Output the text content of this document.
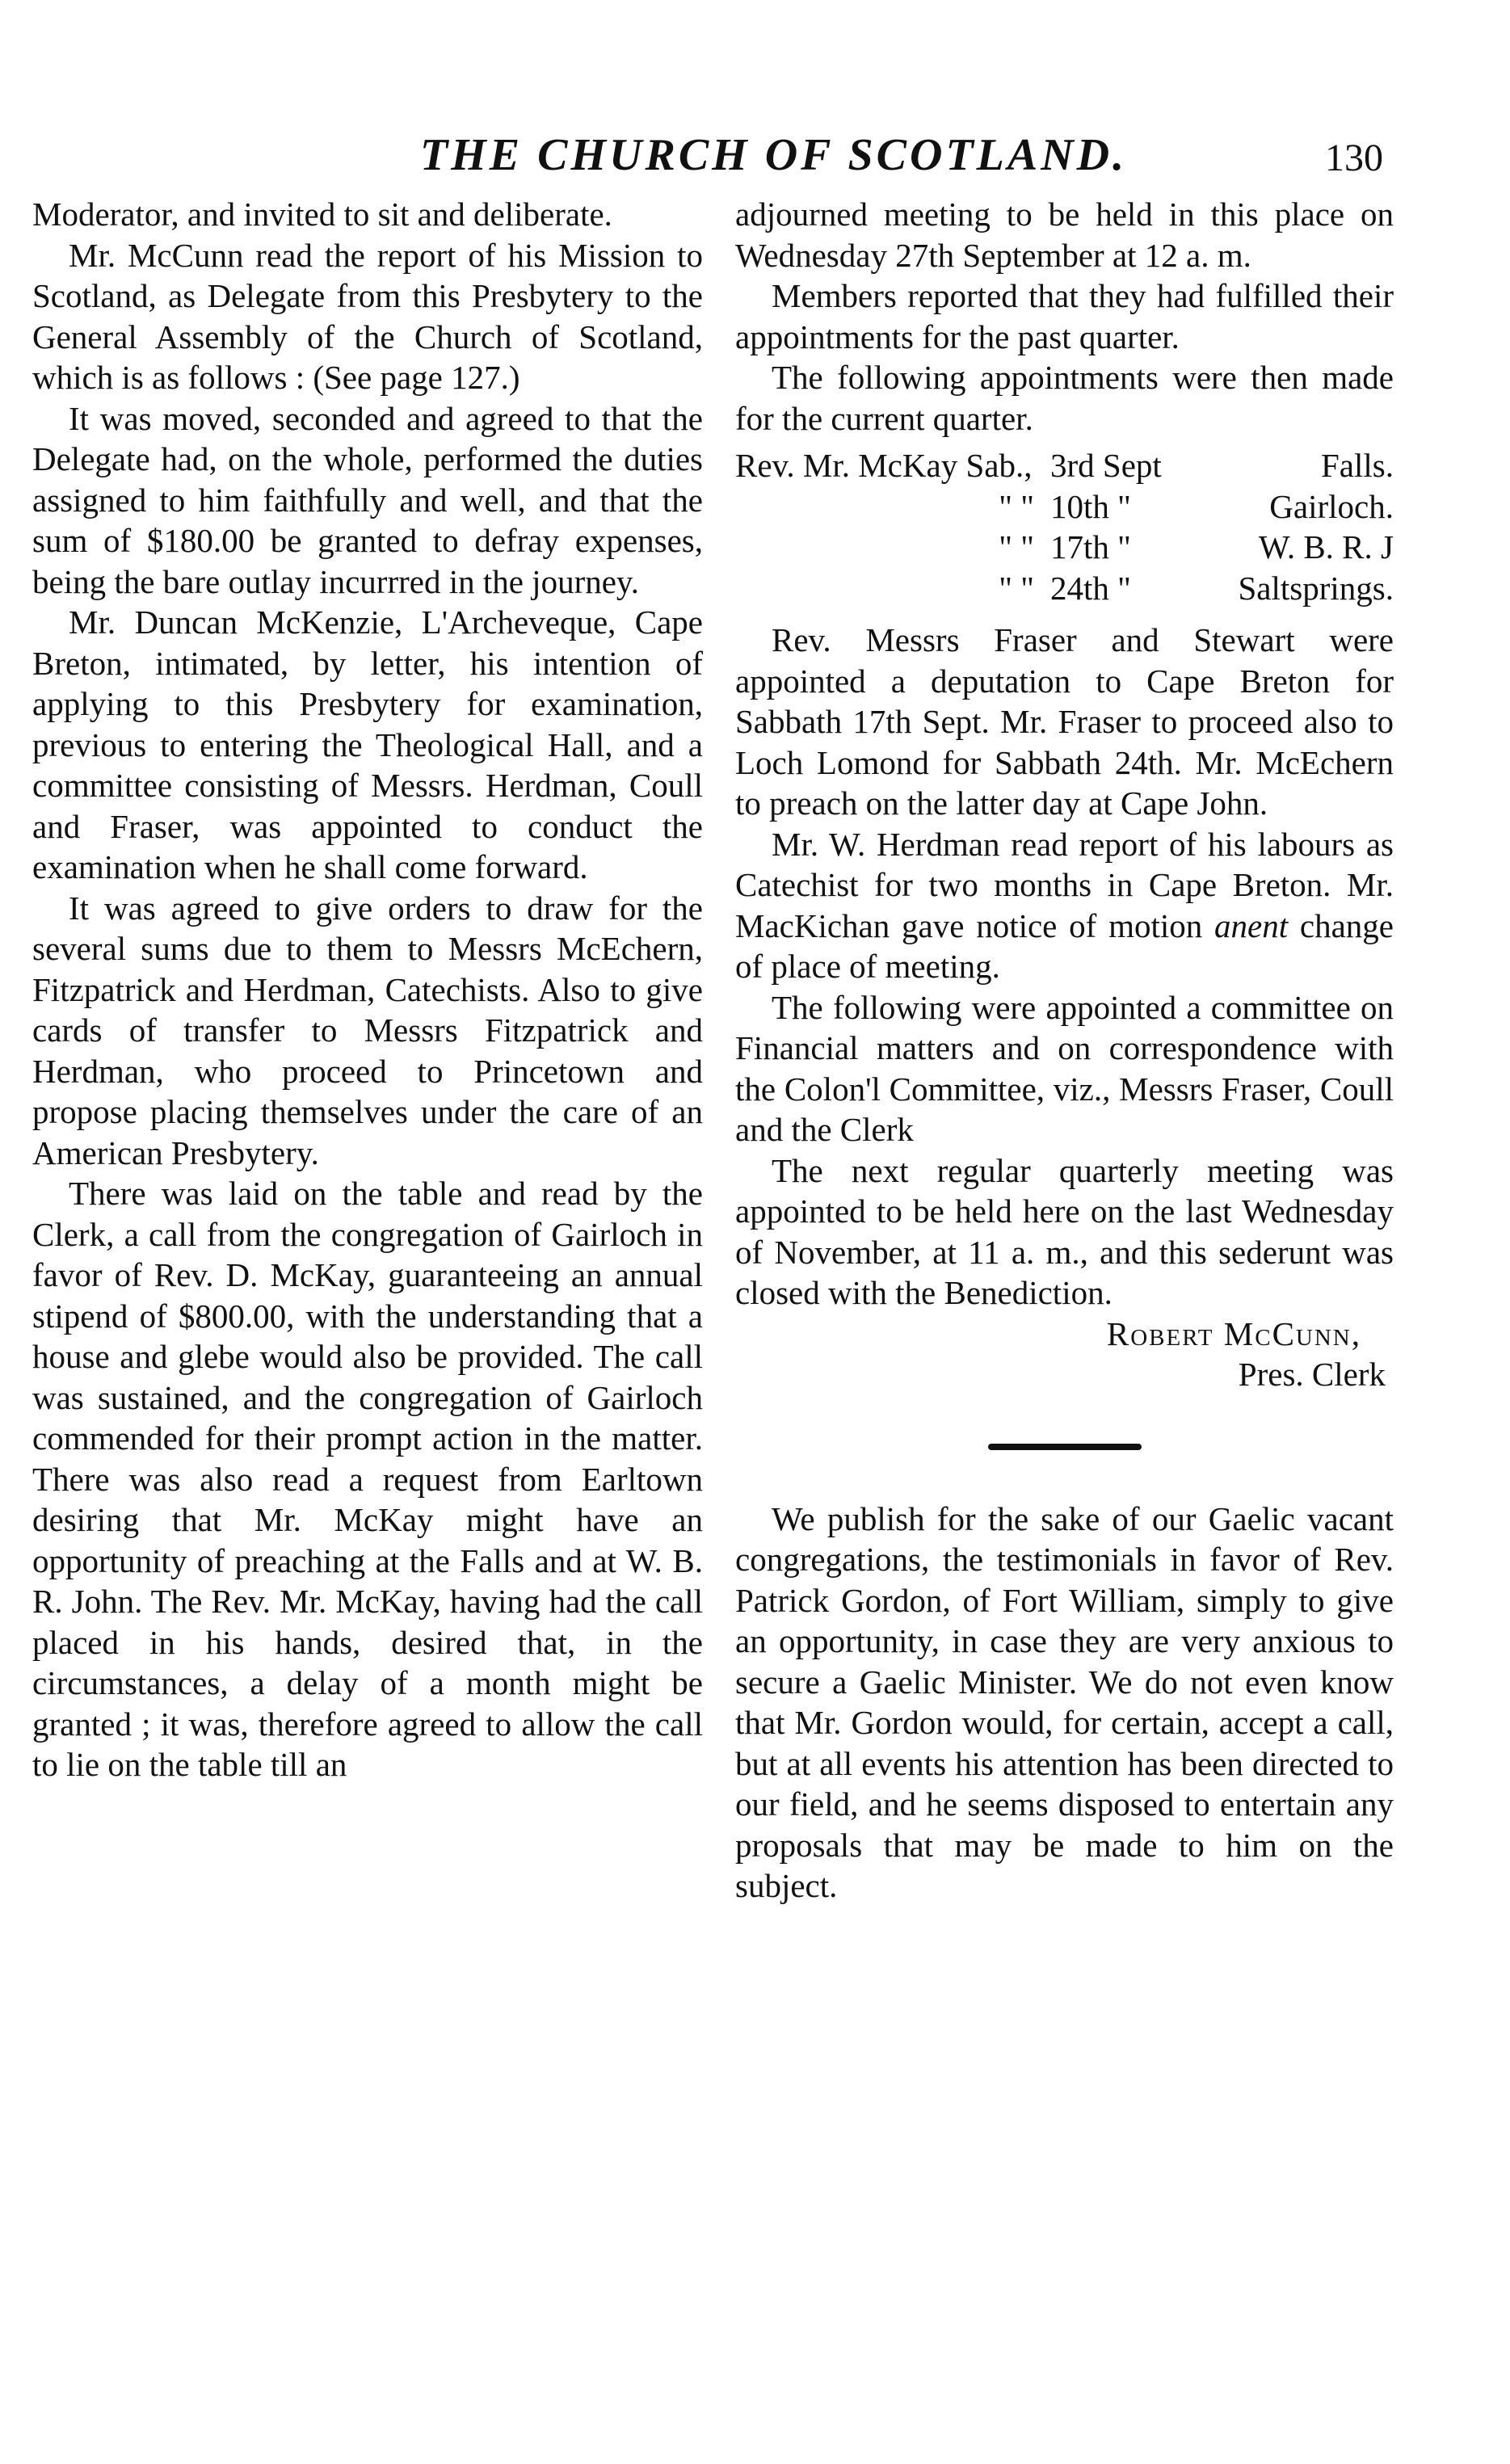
THE CHURCH OF SCOTLAND.	130

Moderator, and invited to sit and deliberate.

Mr. McCunn read the report of his Mission to Scotland, as Delegate from this Presbytery to the General Assembly of the Church of Scotland, which is as follows : (See page 127.)

It was moved, seconded and agreed to that the Delegate had, on the whole, performed the duties assigned to him faithfully and well, and that the sum of $180.00 be granted to defray expenses, being the bare outlay incurrred in the journey.

Mr. Duncan McKenzie, L'Archeveque, Cape Breton, intimated, by letter, his intention of applying to this Presbytery for examination, previous to entering the Theological Hall, and a committee consisting of Messrs. Herdman, Coull and Fraser, was appointed to conduct the examination when he shall come forward.

It was agreed to give orders to draw for the several sums due to them to Messrs McEchern, Fitzpatrick and Herdman, Catechists. Also to give cards of transfer to Messrs Fitzpatrick and Herdman, who proceed to Princetown and propose placing themselves under the care of an American Presbytery.

There was laid on the table and read by the Clerk, a call from the congregation of Gairloch in favor of Rev. D. McKay, guaranteeing an annual stipend of $800.00, with the understanding that a house and glebe would also be provided. The call was sustained, and the congregation of Gairloch commended for their prompt action in the matter. There was also read a request from Earltown desiring that Mr. McKay might have an opportunity of preaching at the Falls and at W. B. R. John. The Rev. Mr. McKay, having had the call placed in his hands, desired that, in the circumstances, a delay of a month might be granted ; it was, therefore agreed to allow the call to lie on the table till an

adjourned meeting to be held in this place on Wednesday 27th September at 12 a. m.

Members reported that they had fulfilled their appointments for the past quarter.

The following appointments were then made for the current quarter.

Rev. Mr. McKay Sab.,	3rd Sept	Falls.
" "	10th "	Gairloch.
" "	17th "	W. B. R. J
" "	24th "	Saltsprings.

Rev. Messrs Fraser and Stewart were appointed a deputation to Cape Breton for Sabbath 17th Sept. Mr. Fraser to proceed also to Loch Lomond for Sabbath 24th. Mr. McEchern to preach on the latter day at Cape John.

Mr. W. Herdman read report of his labours as Catechist for two months in Cape Breton. Mr. MacKichan gave notice of motion anent change of place of meeting.

The following were appointed a committee on Financial matters and on correspondence with the Colon'l Committee, viz., Messrs Fraser, Coull and the Clerk

The next regular quarterly meeting was appointed to be held here on the last Wednesday of November, at 11 a. m., and this sederunt was closed with the Benediction.

Robert McCunn,
Pres. Clerk

We publish for the sake of our Gaelic vacant congregations, the testimonials in favor of Rev. Patrick Gordon, of Fort William, simply to give an opportunity, in case they are very anxious to secure a Gaelic Minister. We do not even know that Mr. Gordon would, for certain, accept a call, but at all events his attention has been directed to our field, and he seems disposed to entertain any proposals that may be made to him on the subject.
